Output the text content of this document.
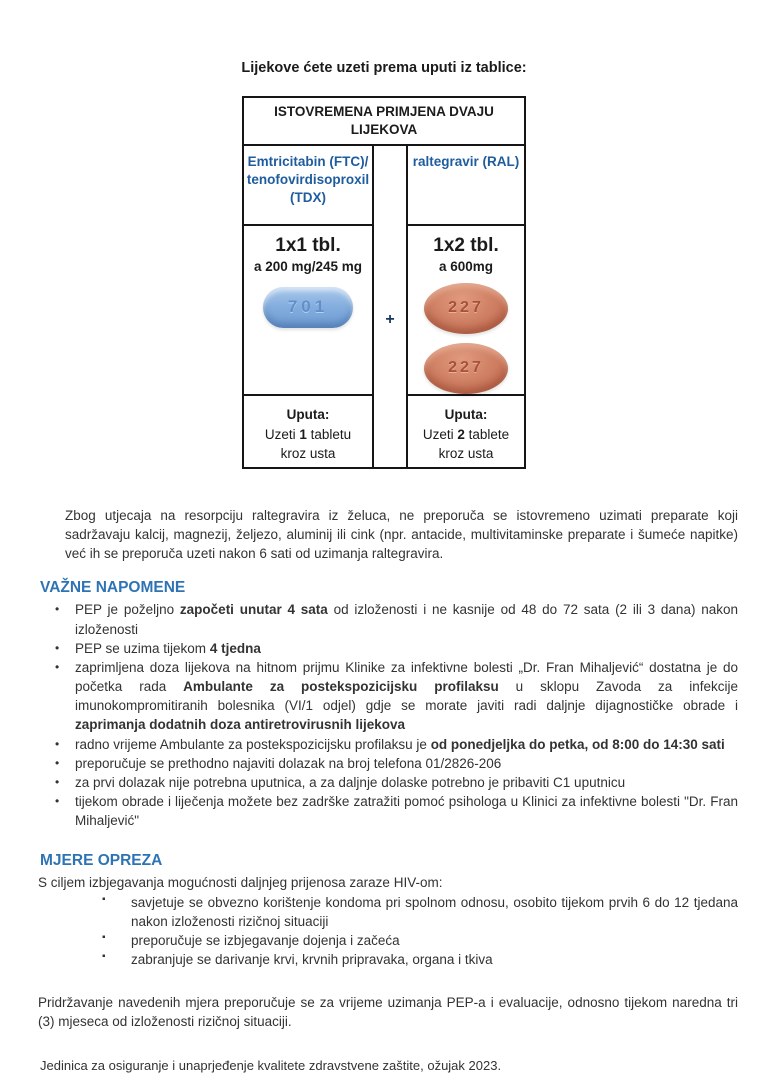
Lijekove ćete uzeti prema uputi iz tablice:
ISTOVREMENA PRIMJENA DVAJU LIJEKOVA
Emtricitabin (FTC)/
tenofovirdisoproxil
(TDX)
+
raltegravir (RAL)
1x1 tbl.
a 200 mg/245 mg
701
1x2 tbl.
a 600mg
227
227
Uputa:
Uzeti 1 tabletu
kroz usta
Uputa:
Uzeti 2 tablete
kroz usta

Zbog utjecaja na resorpciju raltegravira iz želuca, ne preporuča se istovremeno uzimati preparate koji sadržavaju kalcij, magnezij, željezo, aluminij ili cink (npr. antacide, multivitaminske preparate i šumeće napitke) već ih se preporuča uzeti nakon 6 sati od uzimanja raltegravira.

VAŽNE NAPOMENE
• PEP je poželjno započeti unutar 4 sata od izloženosti i ne kasnije od 48 do 72 sata (2 ili 3 dana) nakon izloženosti
• PEP se uzima tijekom 4 tjedna
• zaprimljena doza lijekova na hitnom prijmu Klinike za infektivne bolesti „Dr. Fran Mihaljević“ dostatna je do početka rada Ambulante za postekspozicijsku profilaksu u sklopu Zavoda za infekcije imunokompromitiranih bolesnika (VI/1 odjel) gdje se morate javiti radi daljnje dijagnostičke obrade i zaprimanja dodatnih doza antiretrovirusnih lijekova
• radno vrijeme Ambulante za postekspozicijsku profilaksu je od ponedjeljka do petka, od 8:00 do 14:30 sati
• preporučuje se prethodno najaviti dolazak na broj telefona 01/2826-206
• za prvi dolazak nije potrebna uputnica, a za daljnje dolaske potrebno je pribaviti C1 uputnicu
• tijekom obrade i liječenja možete bez zadrške zatražiti pomoć psihologa u Klinici za infektivne bolesti "Dr. Fran Mihaljević"
MJERE OPREZA

S ciljem izbjegavanja mogućnosti daljnjeg prijenosa zaraze HIV-om:

▪ savjetuje se obvezno korištenje kondoma pri spolnom odnosu, osobito tijekom prvih 6 do 12 tjedana nakon izloženosti rizičnoj situaciji
▪ preporučuje se izbjegavanje dojenja i začeća
▪ zabranjuje se darivanje krvi, krvnih pripravaka, organa i tkiva

Pridržavanje navedenih mjera preporučuje se za vrijeme uzimanja PEP-a i evaluacije, odnosno tijekom naredna tri (3) mjeseca od izloženosti rizičnoj situaciji.

Jedinica za osiguranje i unaprjeđenje kvalitete zdravstvene zaštite, ožujak 2023.
